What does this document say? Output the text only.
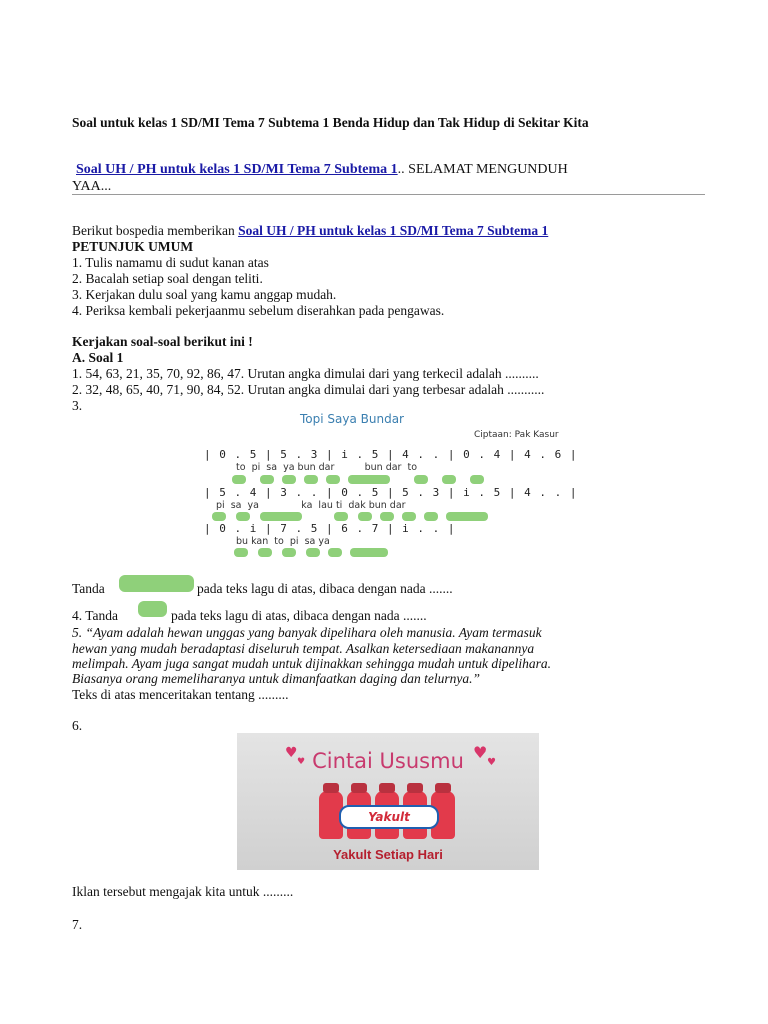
Soal untuk kelas 1 SD/MI Tema 7 Subtema 1 Benda Hidup dan Tak Hidup di Sekitar Kita
Soal UH / PH untuk kelas 1 SD/MI Tema 7 Subtema 1.. SELAMAT MENGUNDUH
YAA...
Berikut bospedia memberikan Soal UH / PH untuk kelas 1 SD/MI Tema 7 Subtema 1
PETUNJUK UMUM
1. Tulis namamu di sudut kanan atas
2. Bacalah setiap soal dengan teliti.
3. Kerjakan dulu soal yang kamu anggap mudah.
4. Periksa kembali pekerjaanmu sebelum diserahkan pada pengawas.
Kerjakan soal-soal berikut ini !
A. Soal 1
1. 54, 63, 21, 35, 70, 92, 86, 47. Urutan angka dimulai dari yang terkecil adalah ..........
2. 32, 48, 65, 40, 71, 90, 84, 52. Urutan angka dimulai dari yang terbesar adalah ...........
3.
Topi Saya Bundar
Ciptaan: Pak Kasur
| 0 . 5 | 5 . 3 | i . 5 | 4 . . | 0 . 4 | 4 . 6 |
to  pi  sa  ya bun dar          bun dar  to
| 5 . 4 | 3 . . | 0 . 5 | 5 . 3 | i . 5 | 4 . . |
pi  sa  ya              ka  lau ti  dak bun dar
| 0 . i | 7 . 5 | 6 . 7 | i . . |
bu kan  to  pi  sa ya
Tanda	pada teks lagu di atas, dibaca dengan nada .......
4. Tanda	pada teks lagu di atas, dibaca dengan nada .......
5. “Ayam adalah hewan unggas yang banyak dipelihara oleh manusia. Ayam termasuk
hewan yang mudah beradaptasi diseluruh tempat. Asalkan ketersediaan makanannya
melimpah. Ayam juga sangat mudah untuk dijinakkan sehingga mudah untuk dipelihara.
Biasanya orang memeliharanya untuk dimanfaatkan daging dan telurnya.”
Teks di atas menceritakan tentang .........
6.
♥
♥	♥
♥
Cintai Ususmu
Yakult
Yakult Setiap Hari
Iklan tersebut mengajak kita untuk .........
7.
